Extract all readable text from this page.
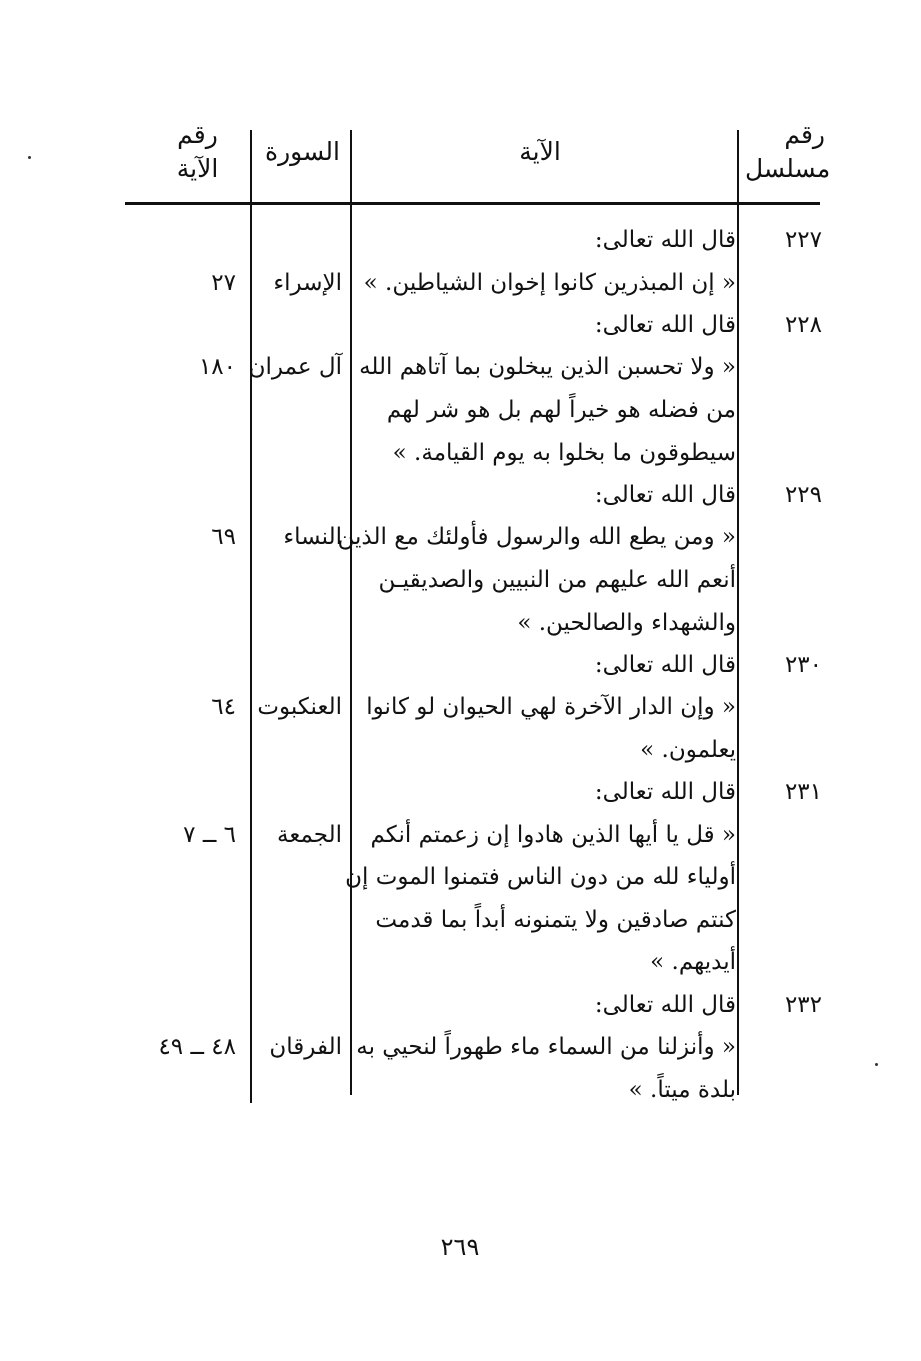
رقم
مسلسل
الآية
السورة
رقم
الآية
٢٢٧
قال الله تعالى:
« إن المبذرين كانوا إخوان الشياطين. »
الإسراء
٢٧
٢٢٨
قال الله تعالى:
« ولا تحسبن الذين يبخلون بما آتاهم الله
من فضله هو خيراً لهم بل هو شر لهم
سيطوقون ما بخلوا به يوم القيامة. »
آل عمران
١٨٠
٢٢٩
قال الله تعالى:
« ومن يطع الله والرسول فأولئك مع الذين
أنعم الله عليهم من النبيين والصديقيـن
والشهداء والصالحين. »
النساء
٦٩
٢٣٠
قال الله تعالى:
« وإن الدار الآخرة لهي الحيوان لو كانوا
يعلمون. »
العنكبوت
٦٤
٢٣١
قال الله تعالى:
« قل يا أيها الذين هادوا إن زعمتم أنكم
أولياء لله من دون الناس فتمنوا الموت إن
كنتم صادقين ولا يتمنونه أبداً بما قدمت
أيديهم. »
الجمعة
٦ ــ ٧
٢٣٢
قال الله تعالى:
« وأنزلنا من السماء ماء طهوراً لنحيي به
بلدة ميتاً. »
الفرقان
٤٨ ــ ٤٩
٢٦٩
